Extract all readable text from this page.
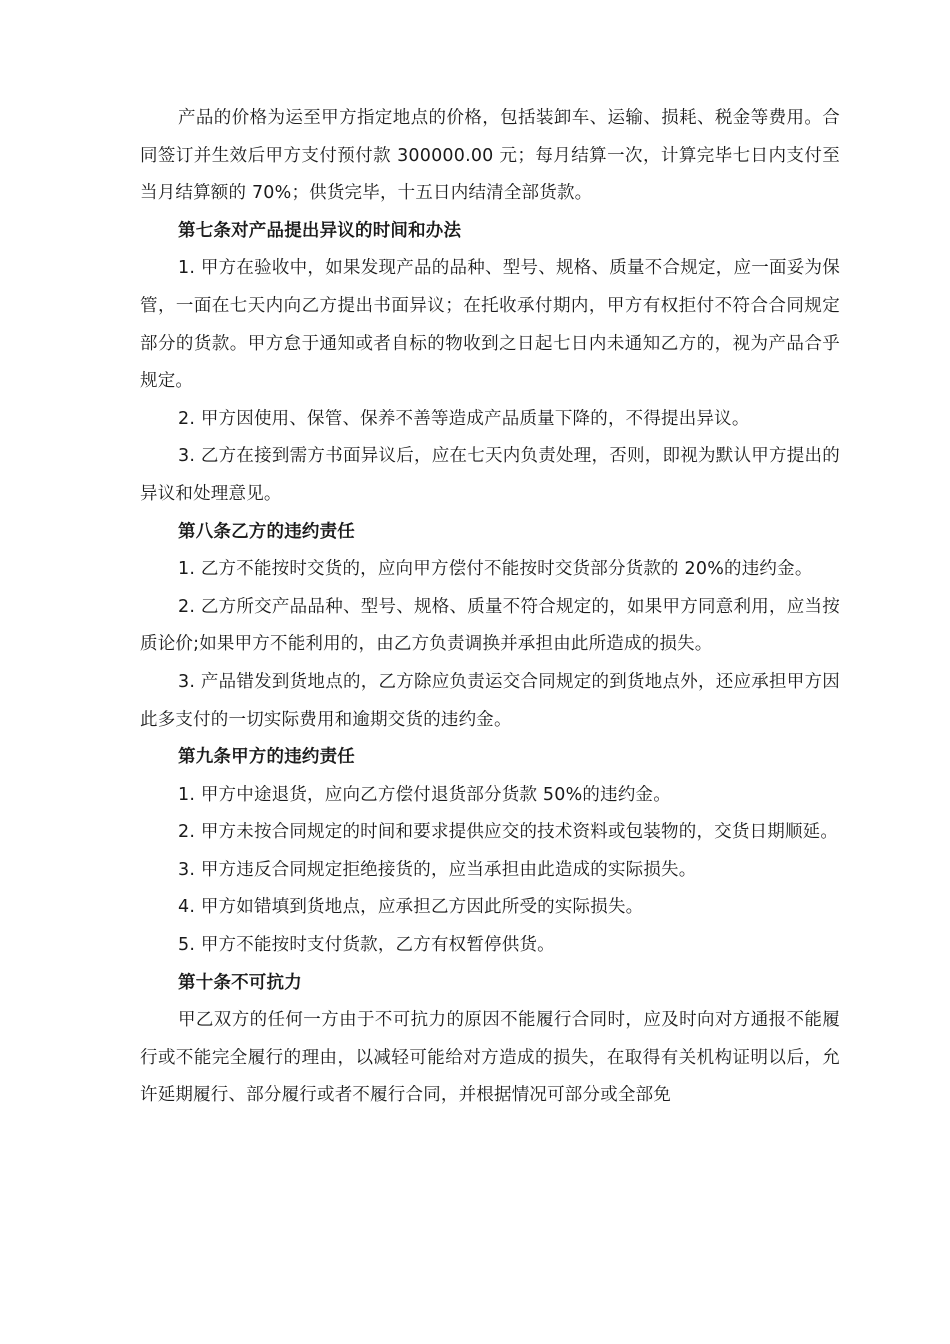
产品的价格为运至甲方指定地点的价格，包括装卸车、运输、损耗、税金等费用。合同签订并生效后甲方支付预付款 300000.00 元；每月结算一次，计算完毕七日内支付至当月结算额的 70%；供货完毕，十五日内结清全部货款。

第七条对产品提出异议的时间和办法

1. 甲方在验收中，如果发现产品的品种、型号、规格、质量不合规定，应一面妥为保管，一面在七天内向乙方提出书面异议；在托收承付期内，甲方有权拒付不符合合同规定部分的货款。甲方怠于通知或者自标的物收到之日起七日内未通知乙方的，视为产品合乎规定。

2. 甲方因使用、保管、保养不善等造成产品质量下降的，不得提出异议。

3. 乙方在接到需方书面异议后，应在七天内负责处理，否则，即视为默认甲方提出的异议和处理意见。

第八条乙方的违约责任

1. 乙方不能按时交货的，应向甲方偿付不能按时交货部分货款的 20%的违约金。

2. 乙方所交产品品种、型号、规格、质量不符合规定的，如果甲方同意利用，应当按质论价;如果甲方不能利用的，由乙方负责调换并承担由此所造成的损失。

3. 产品错发到货地点的，乙方除应负责运交合同规定的到货地点外，还应承担甲方因此多支付的一切实际费用和逾期交货的违约金。

第九条甲方的违约责任

1. 甲方中途退货，应向乙方偿付退货部分货款 50%的违约金。

2. 甲方未按合同规定的时间和要求提供应交的技术资料或包装物的，交货日期顺延。

3. 甲方违反合同规定拒绝接货的，应当承担由此造成的实际损失。

4. 甲方如错填到货地点，应承担乙方因此所受的实际损失。

5. 甲方不能按时支付货款，乙方有权暂停供货。

第十条不可抗力

甲乙双方的任何一方由于不可抗力的原因不能履行合同时，应及时向对方通报不能履行或不能完全履行的理由，以减轻可能给对方造成的损失，在取得有关机构证明以后，允许延期履行、部分履行或者不履行合同，并根据情况可部分或全部免
